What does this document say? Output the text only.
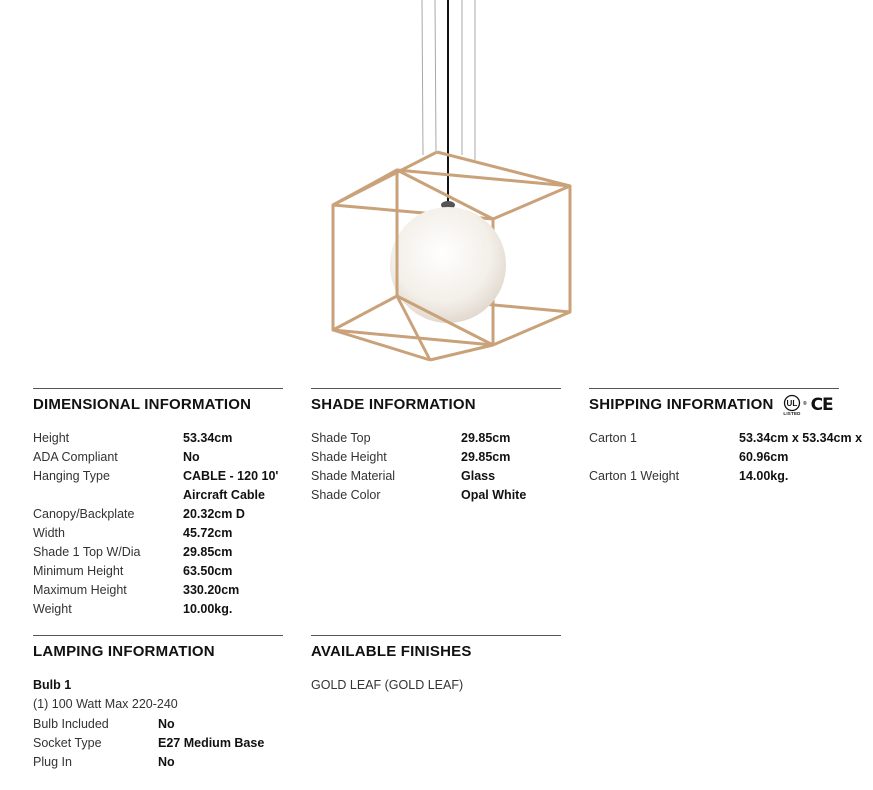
DIMENSIONAL INFORMATION
Height	53.34cm
ADA Compliant	No
Hanging Type	CABLE - 120 10' Aircraft Cable
Canopy/Backplate	20.32cm D
Width	45.72cm
Shade 1 Top W/Dia	29.85cm
Minimum Height	63.50cm
Maximum Height	330.20cm
Weight	10.00kg.
SHADE INFORMATION
Shade Top	29.85cm
Shade Height	29.85cm
Shade Material	Glass
Shade Color	Opal White
SHIPPING INFORMATION UL
LISTED
® CE
Carton 1	53.34cm x 53.34cm x 60.96cm
Carton 1 Weight	14.00kg.
LAMPING INFORMATION
Bulb 1
(1) 100 Watt Max 220-240
Bulb Included	No
Socket Type	E27 Medium Base
Plug In	No
AVAILABLE FINISHES
GOLD LEAF (GOLD LEAF)
